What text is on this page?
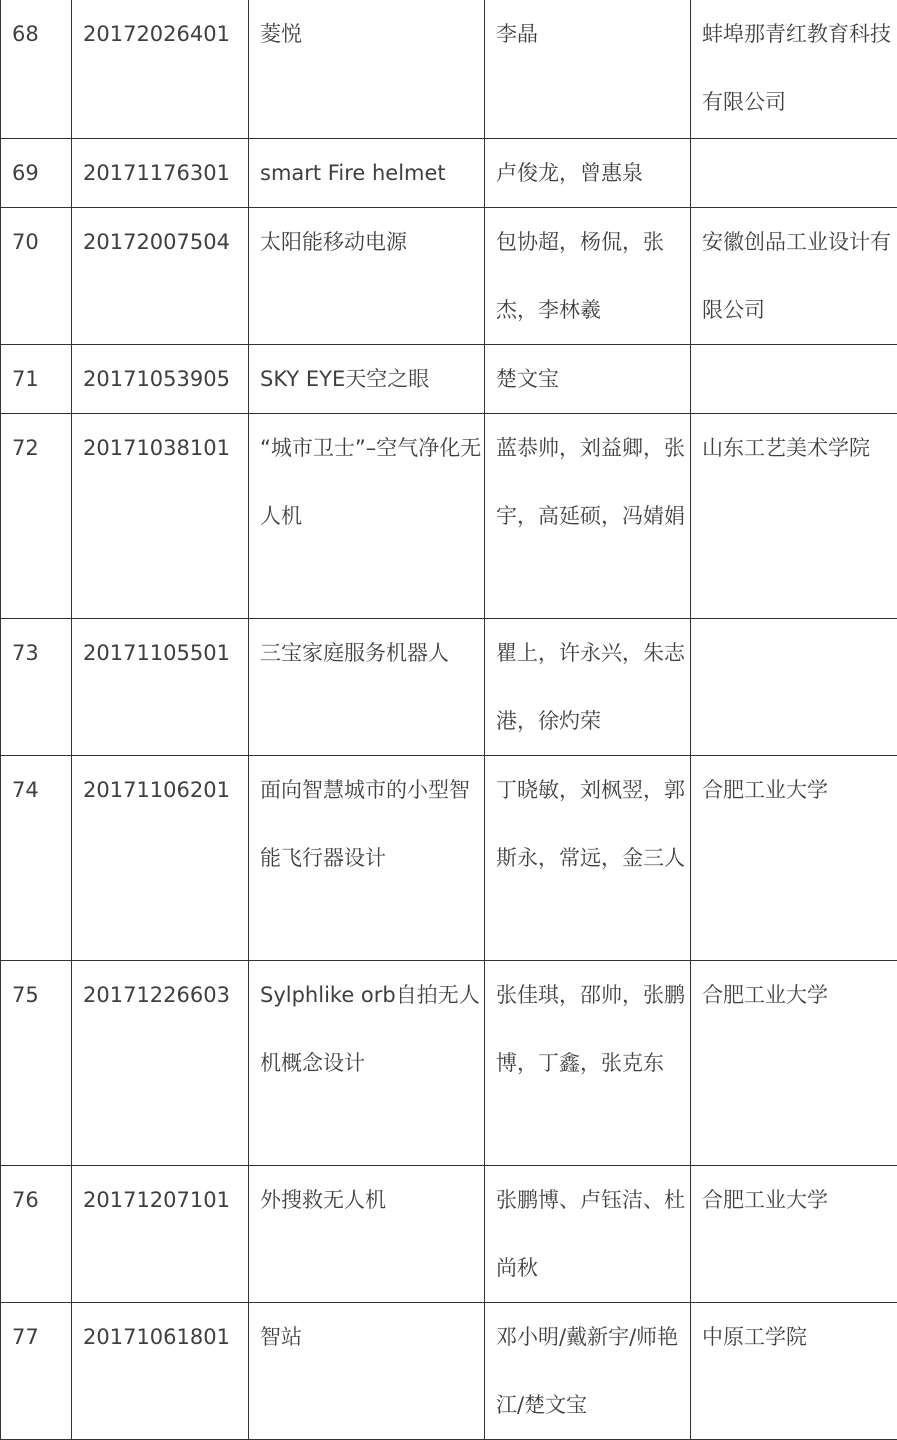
68	20172026401	菱悦	李晶	蚌埠那青红教育科技有限公司

69	20171176301	smart Fire helmet	卢俊龙，曾惠泉	

70	20172007504	太阳能移动电源	包协超，杨侃，张杰，李林羲	安徽创品工业设计有限公司

71	20171053905	SKY EYE天空之眼	楚文宝	

72	20171038101	“城市卫士”–空气净化无人机	蓝恭帅，刘益卿，张宇，高延硕，冯婧娟	山东工艺美术学院

73	20171105501	三宝家庭服务机器人	瞿上，许永兴，朱志港，徐灼荣	

74	20171106201	面向智慧城市的小型智能飞行器设计	丁晓敏，刘枫翌，郭斯永，常远，金三人	合肥工业大学

75	20171226603	Sylphlike orb自拍无人机概念设计	张佳琪，邵帅，张鹏博，丁鑫，张克东	合肥工业大学

76	20171207101	外搜救无人机	张鹏博、卢钰洁、杜尚秋	合肥工业大学

77	20171061801	智站	邓小明/戴新宇/师艳江/楚文宝	中原工学院
